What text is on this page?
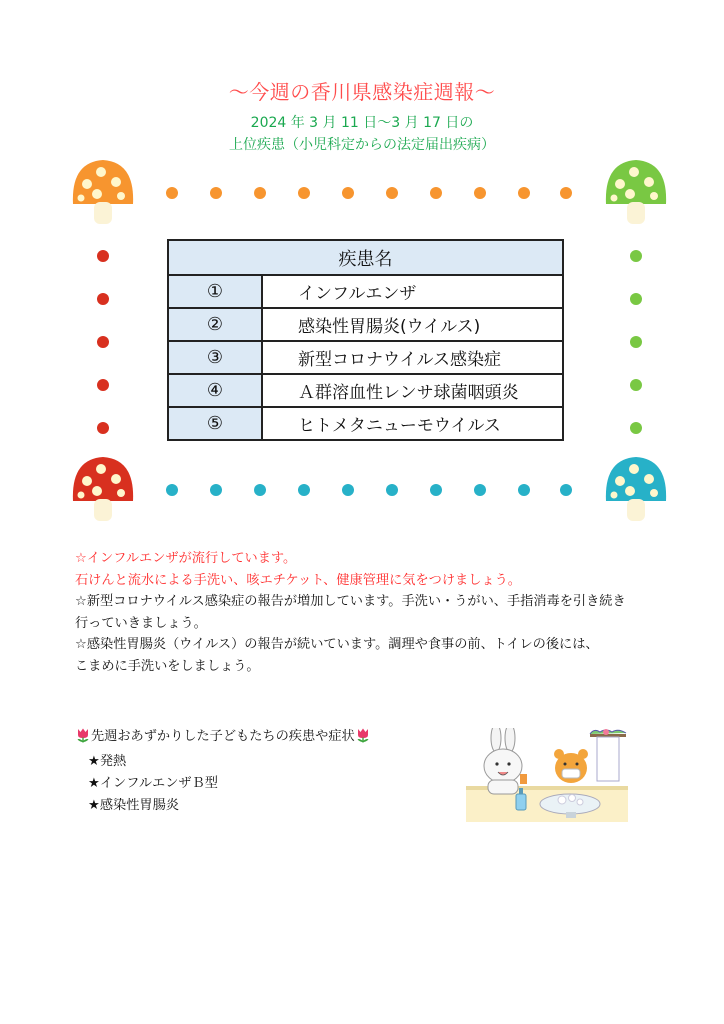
〜今週の香川県感染症週報〜
2024 年 3 月 11 日〜3 月 17 日の
上位疾患（小児科定からの法定届出疾病）
疾患名	
①	インフルエンザ
②	感染性胃腸炎(ウイルス)
③	新型コロナウイルス感染症
④	Ａ群溶血性レンサ球菌咽頭炎
⑤	ヒトメタニューモウイルス
☆インフルエンザが流行しています。
石けんと流水による手洗い、咳エチケット、健康管理に気をつけましょう。
☆新型コロナウイルス感染症の報告が増加しています。手洗い・うがい、手指消毒を引き続き
行っていきましょう。
☆感染性胃腸炎（ウイルス）の報告が続いています。調理や食事の前、トイレの後には、
こまめに手洗いをしましょう。
先週おあずかりした子どもたちの疾患や症状
★発熱
★インフルエンザＢ型
★感染性胃腸炎
